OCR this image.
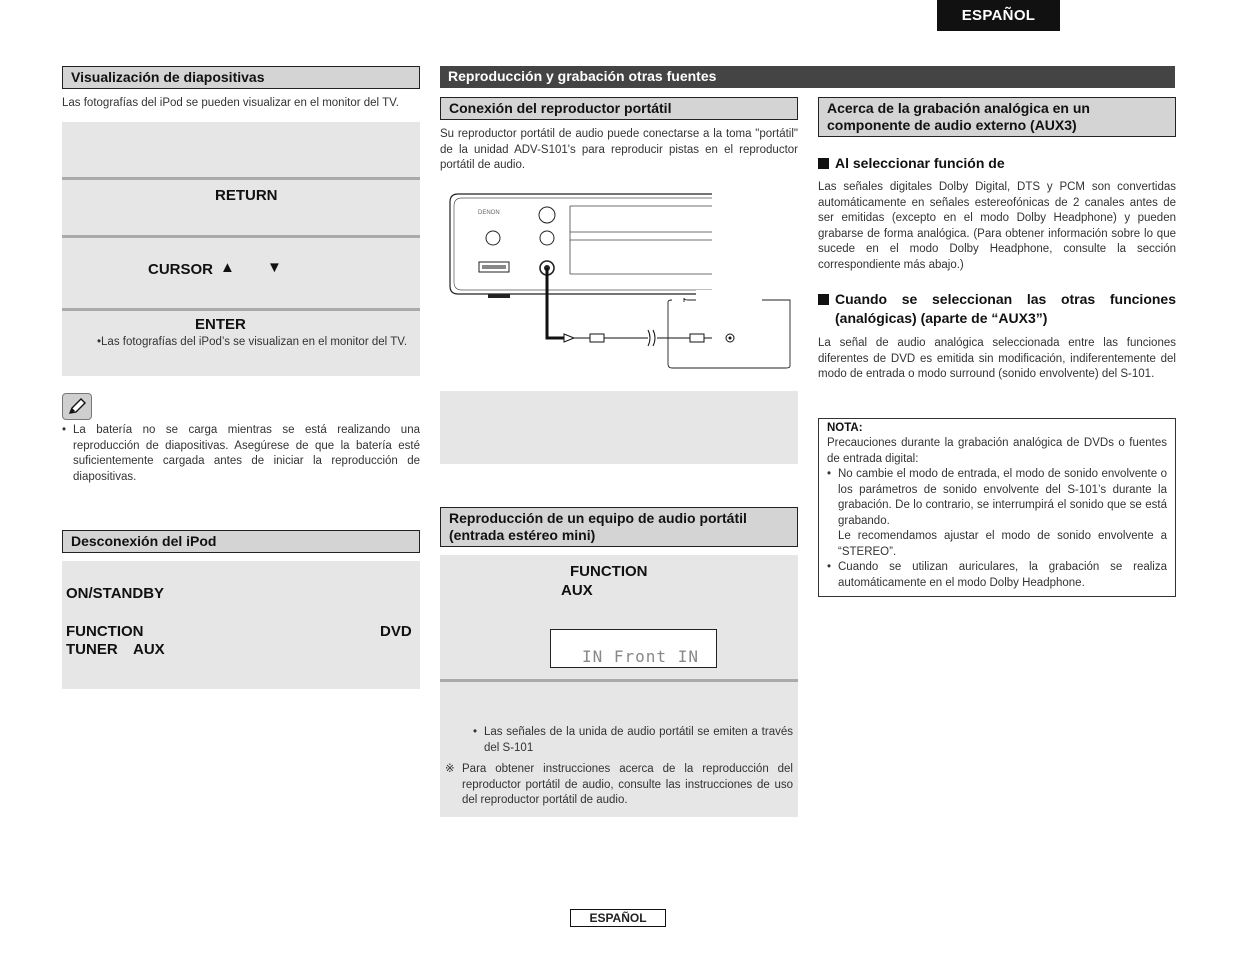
ESPAÑOL
Visualización de diapositivas
Las fotografías del iPod se pueden visualizar en el monitor del TV.
RETURN
CURSOR ▲ ▼
ENTER
•Las fotografías del iPod’s se visualizan en el monitor del TV.
• La batería no se carga mientras se está realizando una reproducción de diapositivas. Asegúrese de que la batería esté suficientemente cargada antes de iniciar la reproducción de diapositivas.
Desconexión del iPod
ON/STANDBY
FUNCTION	DVD
TUNER AUX
Reproducción y grabación otras fuentes
Conexión del reproductor portátil
Su reproductor portátil de audio puede conectarse a la toma "portátil" de la unidad ADV-S101's para reproducir pistas en el reproductor portátil de audio.
DENON
Reproducción de un equipo de audio portátil (entrada estéreo mini)
FUNCTION
AUX
IN Front IN
• Las señales de la unida de audio portátil se emiten a través del S-101
※ Para obtener instrucciones acerca de la reproducción del reproductor portátil de audio, consulte las instrucciones de uso del reproductor portátil de audio.
Acerca de la grabación analógica en un componente de audio externo (AUX3)
Al seleccionar función de
Las señales digitales Dolby Digital, DTS y PCM son convertidas automáticamente en señales estereofónicas de 2 canales antes de ser emitidas (excepto en el modo Dolby Headphone) y pueden grabarse de forma analógica. (Para obtener información sobre lo que sucede en el modo Dolby Headphone, consulte la sección correspondiente más abajo.)
Cuando se seleccionan las otras funciones (analógicas) (aparte de “AUX3”)
La señal de audio analógica seleccionada entre las funciones diferentes de DVD es emitida sin modificación, indiferentemente del modo de entrada o modo surround (sonido envolvente) del S-101.
NOTA:
Precauciones durante la grabación analógica de DVDs o fuentes de entrada digital:
• No cambie el modo de entrada, el modo de sonido envolvente o los parámetros de sonido envolvente del S-101’s durante la grabación. De lo contrario, se interrumpirá el sonido que se está grabando.
Le recomendamos ajustar el modo de sonido envolvente a “STEREO”.
• Cuando se utilizan auriculares, la grabación se realiza automáticamente en el modo Dolby Headphone.
ESPAÑOL
